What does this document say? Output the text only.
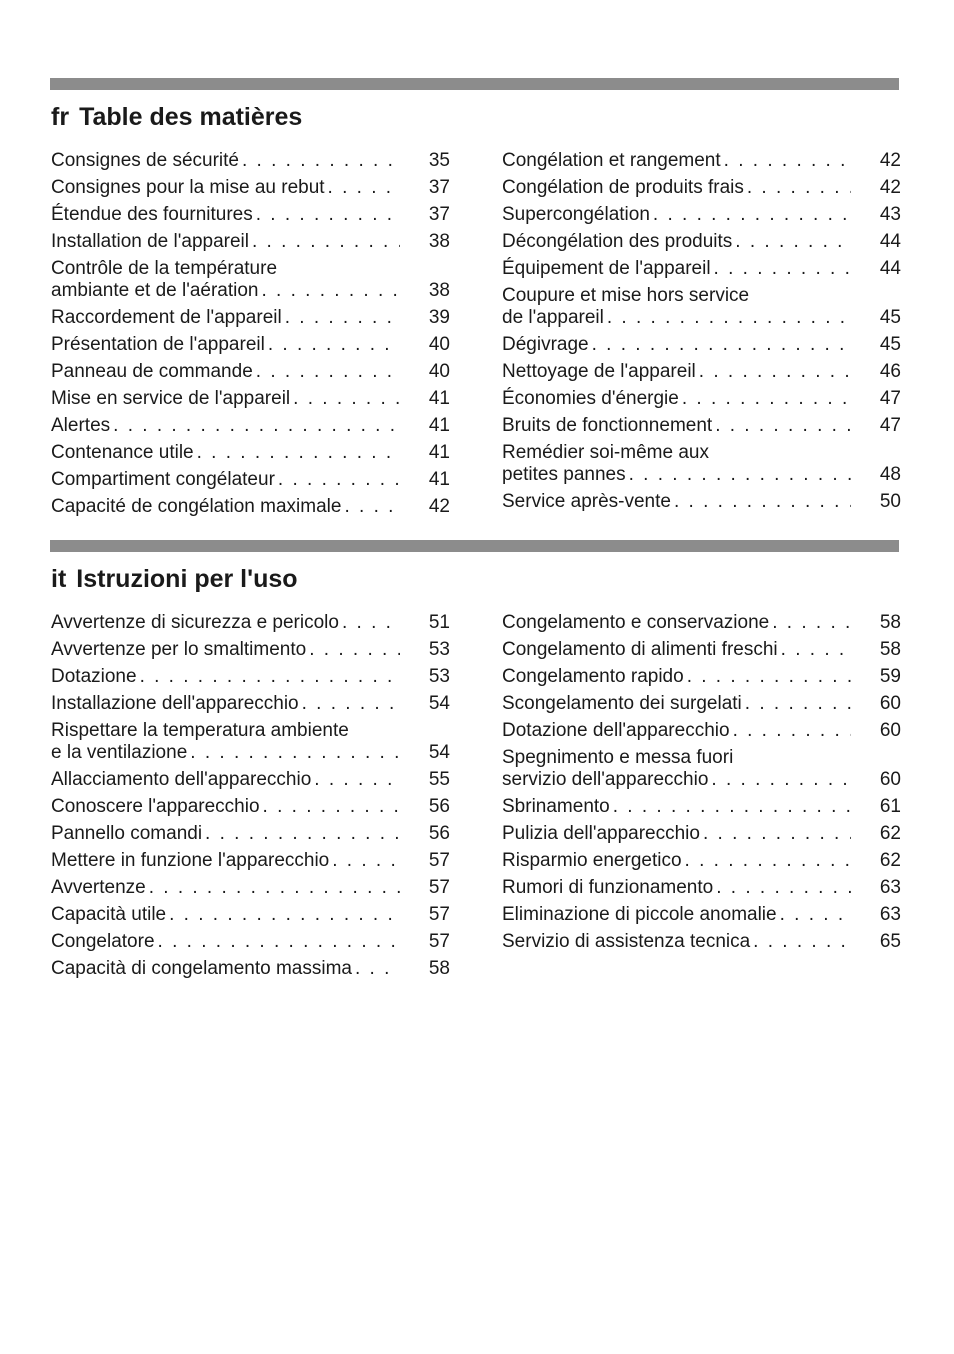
fr Table des matières
Consignes de sécurité . . .	35
Consignes pour la mise au rebut . . .	37
Étendue des fournitures . . .	37
Installation de l'appareil . . .	38
Contrôle de la température
ambiante et de l'aération . . .	38
Raccordement de l'appareil . . .	39
Présentation de l'appareil . . .	40
Panneau de commande . . .	40
Mise en service de l'appareil . . .	41
Alertes . . .	41
Contenance utile . . .	41
Compartiment congélateur . . .	41
Capacité de congélation maximale . . .	42
Congélation et rangement . . .	42
Congélation de produits frais . . .	42
Supercongélation . . .	43
Décongélation des produits . . .	44
Équipement de l'appareil . . .	44
Coupure et mise hors service
de l'appareil . . .	45
Dégivrage . . .	45
Nettoyage de l'appareil . . .	46
Économies d'énergie . . .	47
Bruits de fonctionnement . . .	47
Remédier soi-même aux
petites pannes . . .	48
Service après-vente . . .	50
it Istruzioni per l'uso
Avvertenze di sicurezza e pericolo . . .	51
Avvertenze per lo smaltimento . . .	53
Dotazione . . .	53
Installazione dell'apparecchio . . .	54
Rispettare la temperatura ambiente
e la ventilazione . . .	54
Allacciamento dell'apparecchio . . .	55
Conoscere l'apparecchio . . .	56
Pannello comandi . . .	56
Mettere in funzione l'apparecchio . . .	57
Avvertenze . . .	57
Capacità utile . . .	57
Congelatore . . .	57
Capacità di congelamento massima . . .	58
Congelamento e conservazione . . .	58
Congelamento di alimenti freschi . . .	58
Congelamento rapido . . .	59
Scongelamento dei surgelati . . .	60
Dotazione dell'apparecchio . . .	60
Spegnimento e messa fuori
servizio dell'apparecchio . . .	60
Sbrinamento . . .	61
Pulizia dell'apparecchio . . .	62
Risparmio energetico . . .	62
Rumori di funzionamento . . .	63
Eliminazione di piccole anomalie . . .	63
Servizio di assistenza tecnica . . .	65
